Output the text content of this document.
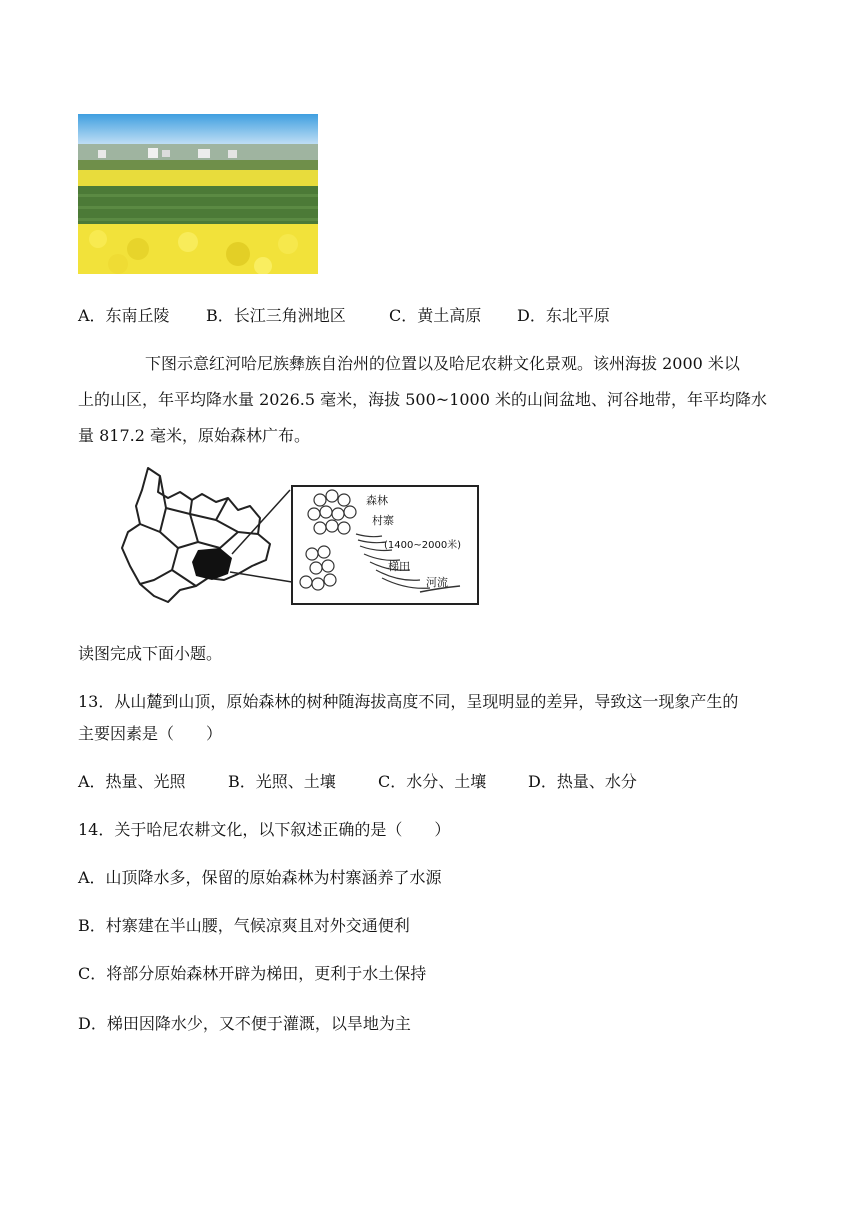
A．东南丘陵 B．长江三角洲地区	C．黄土高原 D．东北平原
下图示意红河哈尼族彝族自治州的位置以及哈尼农耕文化景观。该州海拔 2000 米以
上的山区，年平均降水量 2026.5 毫米，海拔 500~1000 米的山间盆地、河谷地带，年平均降水
量 817.2 毫米，原始森林广布。
森林
村寨
(1400~2000米)
梯田
河流
读图完成下面小题。
13．从山麓到山顶，原始森林的树种随海拔高度不同，呈现明显的差异，导致这一现象产生的
主要因素是（　　）
A．热量、光照	B．光照、土壤	C．水分、土壤	D．热量、水分
14．关于哈尼农耕文化，以下叙述正确的是（　　）
A．山顶降水多，保留的原始森林为村寨涵养了水源
B．村寨建在半山腰，气候凉爽且对外交通便利
C．将部分原始森林开辟为梯田，更利于水土保持
D．梯田因降水少，又不便于灌溉，以旱地为主
